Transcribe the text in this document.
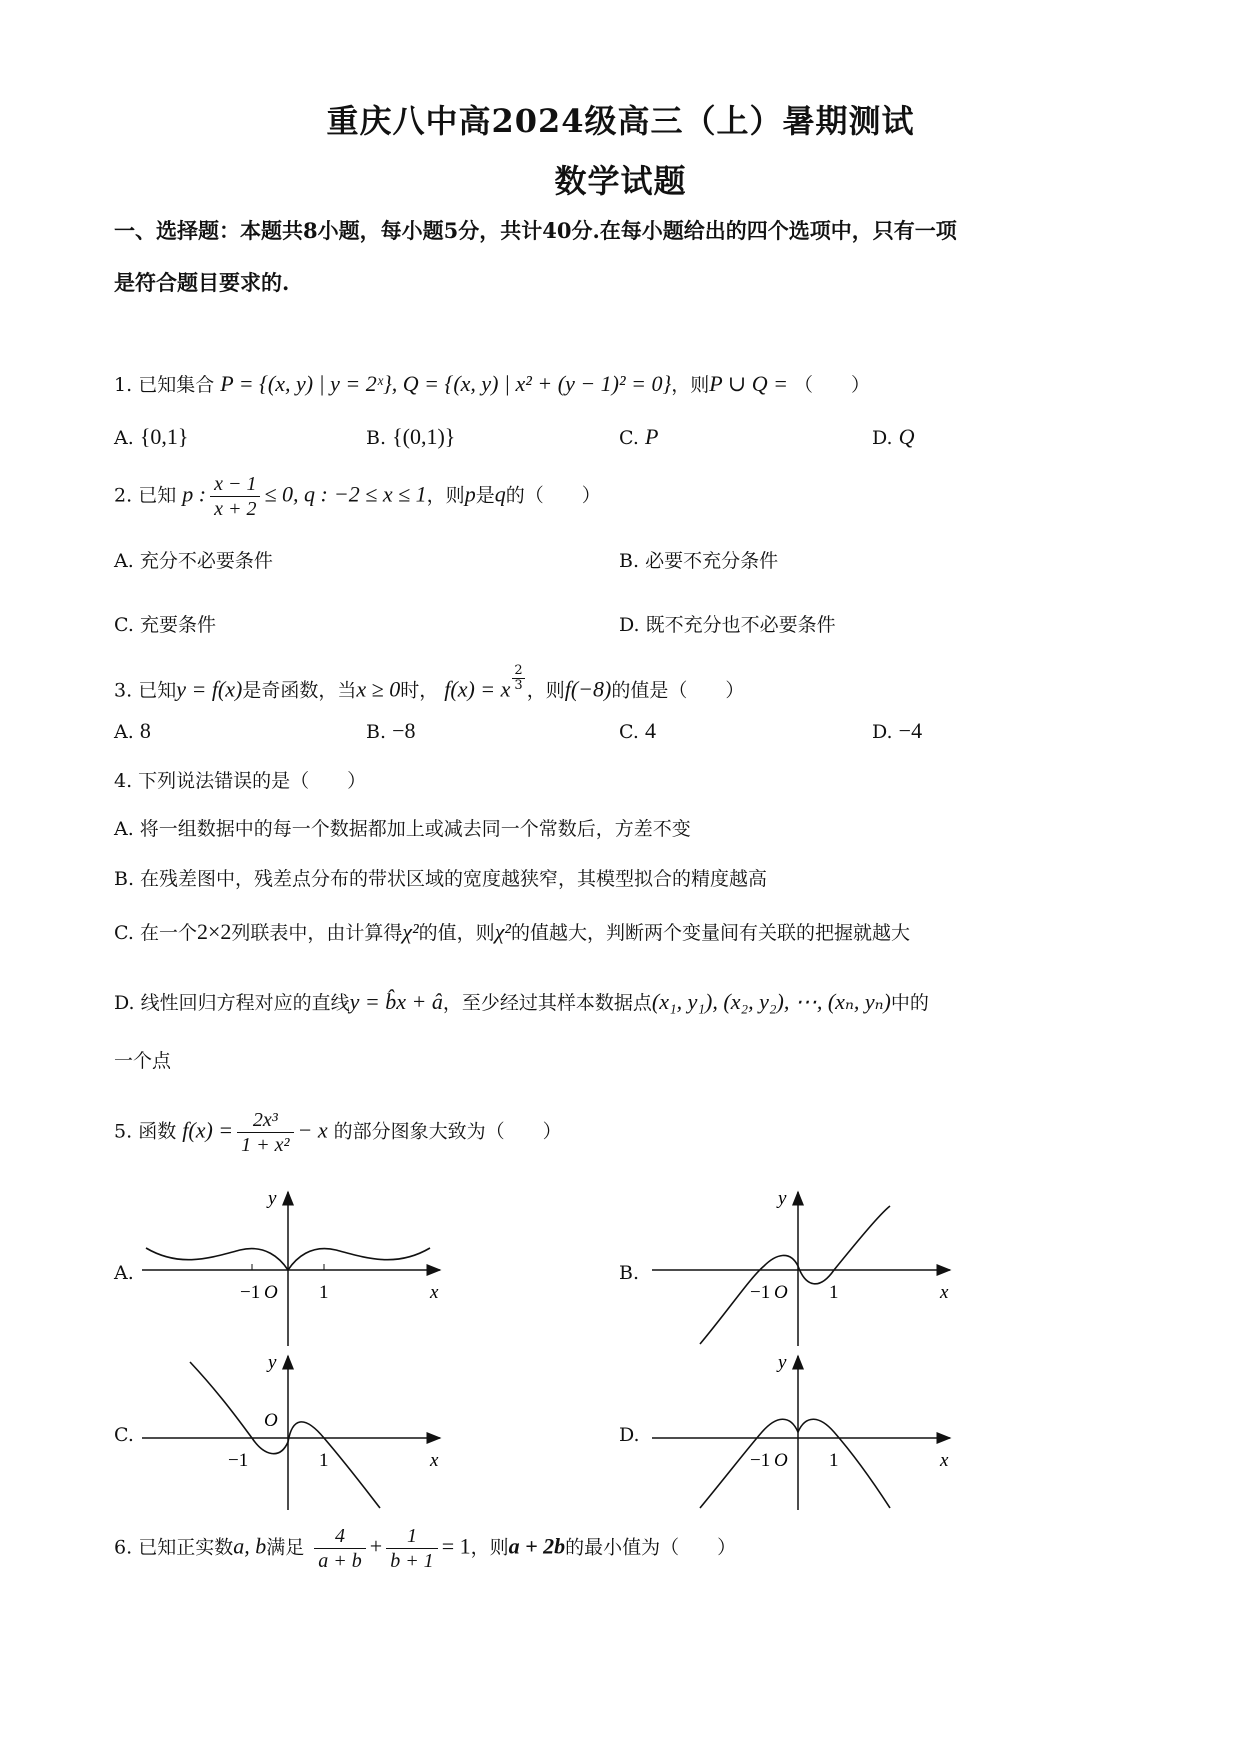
重庆八中高2024级高三（上）暑期测试
数学试题
一、选择题：本题共8小题，每小题5分，共计40分.在每小题给出的四个选项中，只有一项
是符合题目要求的.
1. 已知集合 P = {(x, y) | y = 2ˣ}, Q = {(x, y) | x² + (y − 1)² = 0}，则P ∪ Q = （　　）
A. {0,1}	B. {(0,1)}	C. P	D. Q
2. 已知 p : $\frac{x - 1}{x + 2} \le 0$, q : −2 ≤ x ≤ 1，则p是q的（　　）
A. 充分不必要条件	B. 必要不充分条件
C. 充要条件	D. 既不充分也不必要条件
3. 已知y = f(x)是奇函数，当x ≥ 0时， f(x) = x $^{\frac{2}{3}}$ ，则f(−8)的值是（　　）
A. 8	B. −8	C. 4	D. −4
4. 下列说法错误的是（　　）
A. 将一组数据中的每一个数据都加上或减去同一个常数后，方差不变
B. 在残差图中，残差点分布的带状区域的宽度越狭窄，其模型拟合的精度越高
C. 在一个2×2列联表中，由计算得χ²的值，则χ²的值越大，判断两个变量间有关联的把握就越大
D. 线性回归方程对应的直线y = b̂x + â，至少经过其样本数据点(x₁, y₁), (x₂, y₂), ⋯, (xₙ, yₙ)中的
一个点
5. 函数 $f(x) = \frac{\text{2x³}}{\text{1 + x²}} - x$ 的部分图象大致为（　　）
A.	B.
C.	D.
−1 O 1	x
y
−1 O 1	x
y
−1
O
1	x
y
−1 O 1	x
y
6. 已知正实数a, b满足 $\frac{4}{a + b} + \frac{1}{b + 1} = 1$，则a + 2b的最小值为（　　）
